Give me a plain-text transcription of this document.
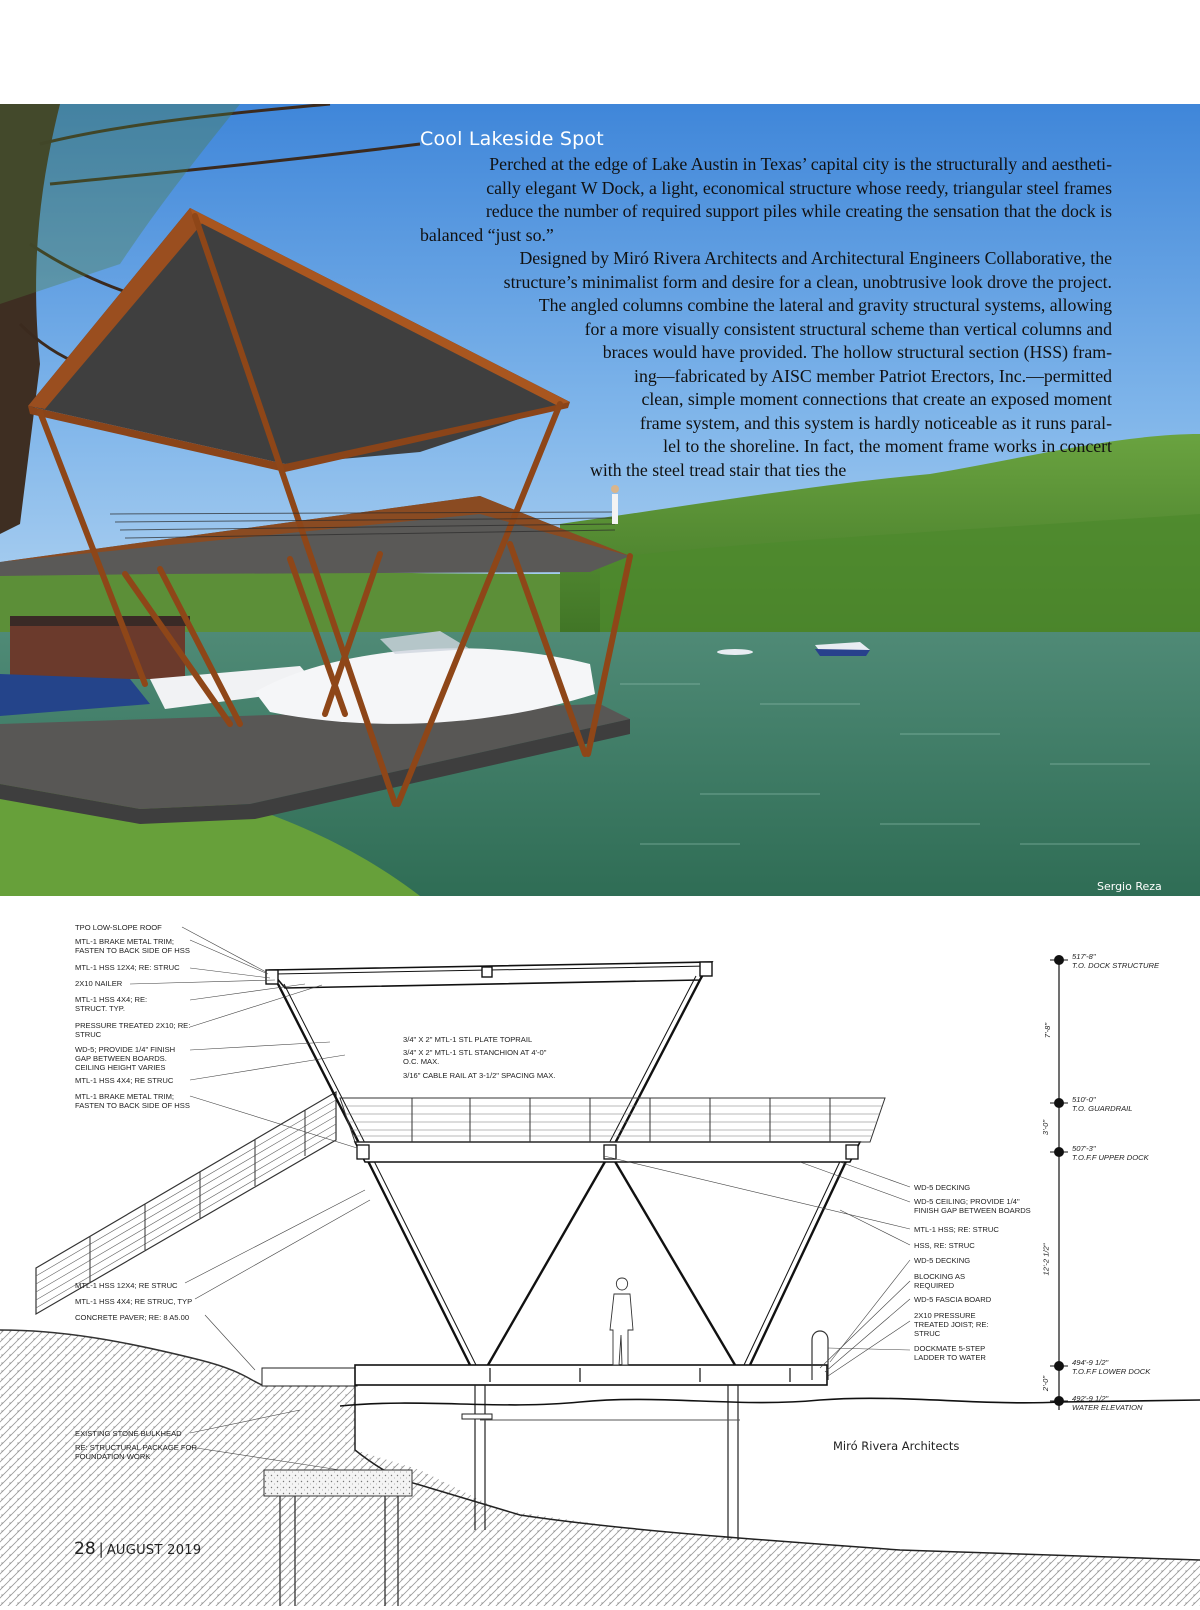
Cool Lakeside Spot
Perched at the edge of Lake Austin in Texas’ capital city is the structurally and aestheti-
cally elegant W Dock, a light, economical structure whose reedy, triangular steel frames
reduce the number of required support piles while creating the sensation that the dock is
balanced “just so.”
Designed by Miró Rivera Architects and Architectural Engineers Collaborative, the
structure’s minimalist form and desire for a clean, unobtrusive look drove the project.
The angled columns combine the lateral and gravity structural systems, allowing
for a more visually consistent structural scheme than vertical columns and
braces would have provided. The hollow structural section (HSS) fram-
ing—fabricated by AISC member Patriot Erectors, Inc.—permitted
clean, simple moment connections that create an exposed moment
frame system, and this system is hardly noticeable as it runs paral-
lel to the shoreline. In fact, the moment frame works in concert
with the steel tread stair that ties the
Sergio Reza
TPO LOW-SLOPE ROOF
MTL-1 BRAKE METAL TRIM; FASTEN TO BACK SIDE OF HSS
MTL-1 HSS 12X4; RE: STRUC
2X10 NAILER
MTL-1 HSS 4X4; RE: STRUCT. TYP.
PRESSURE TREATED 2X10; RE: STRUC
WD-5; PROVIDE 1/4" FINISH GAP BETWEEN BOARDS. CEILING HEIGHT VARIES
MTL-1 HSS 4X4; RE STRUC
MTL-1 BRAKE METAL TRIM; FASTEN TO BACK SIDE OF HSS
3/4" X 2" MTL-1 STL PLATE TOPRAIL
3/4" X 2" MTL-1 STL STANCHION AT 4'-0" O.C. MAX.
3/16" CABLE RAIL AT 3-1/2" SPACING MAX.
MTL-1 HSS 12X4; RE STRUC
MTL-1 HSS 4X4; RE STRUC, TYP
CONCRETE PAVER; RE: 8 A5.00
EXISTING STONE BULKHEAD
RE: STRUCTURAL PACKAGE FOR FOUNDATION WORK
WD-5 DECKING
WD-5 CEILING; PROVIDE 1/4" FINISH GAP BETWEEN BOARDS
MTL-1 HSS; RE: STRUC
HSS, RE: STRUC
WD-5 DECKING
BLOCKING AS REQUIRED
WD-5 FASCIA BOARD
2X10 PRESSURE TREATED JOIST; RE: STRUC
DOCKMATE 5-STEP LADDER TO WATER
517'-8"
T.O. DOCK STRUCTURE
510'-0"
T.O. GUARDRAIL
507'-3"
T.O.F.F UPPER DOCK
494'-9 1/2"
T.O.F.F LOWER DOCK
492'-9 1/2"
WATER ELEVATION
7'-8"
3'-0"
12'-2 1/2"
2'-0"
Miró Rivera Architects
28 | AUGUST 2019
